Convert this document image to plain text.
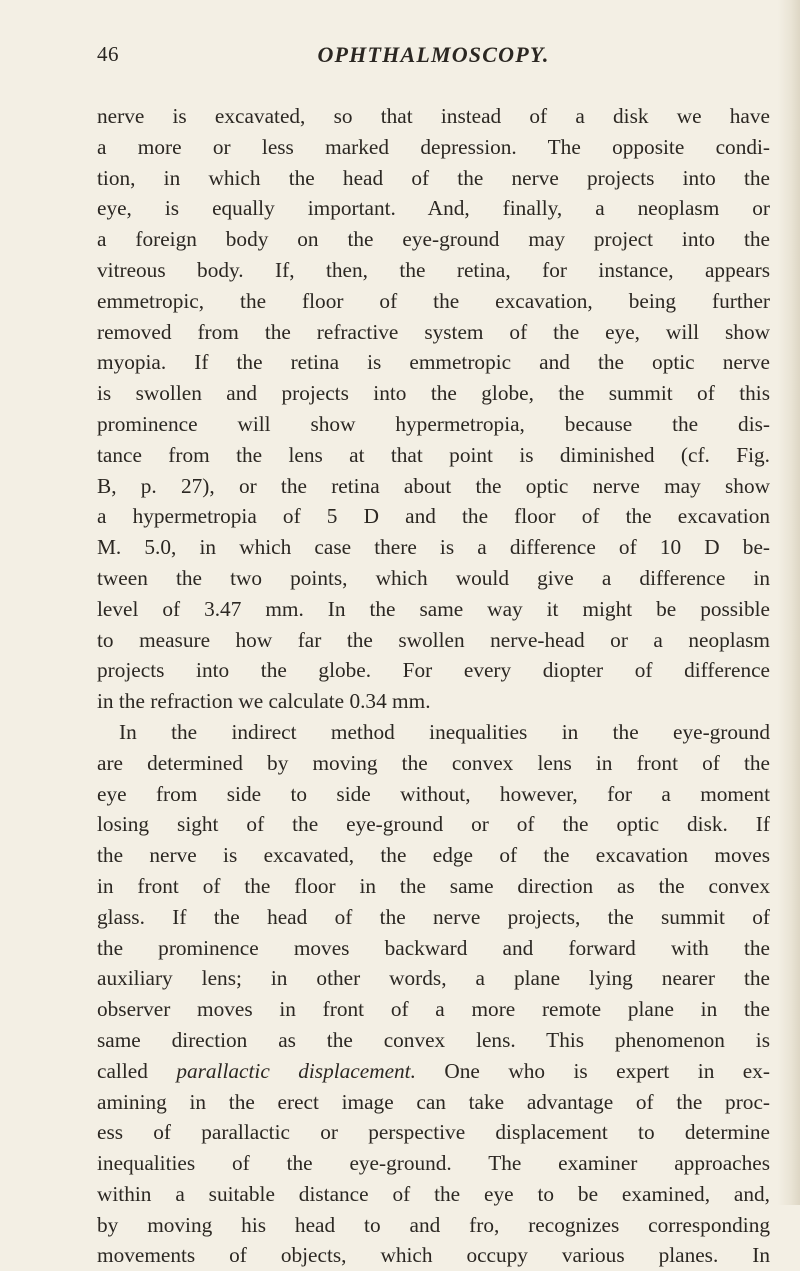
46	OPHTHALMOSCOPY.
nerve is excavated, so that instead of a disk we have
a more or less marked depression. The opposite condi-
tion, in which the head of the nerve projects into the
eye, is equally important. And, finally, a neoplasm or
a foreign body on the eye-ground may project into the
vitreous body. If, then, the retina, for instance, appears
emmetropic, the floor of the excavation, being further
removed from the refractive system of the eye, will show
myopia. If the retina is emmetropic and the optic nerve
is swollen and projects into the globe, the summit of this
prominence will show hypermetropia, because the dis-
tance from the lens at that point is diminished (cf. Fig.
B, p. 27), or the retina about the optic nerve may show
a hypermetropia of 5 D and the floor of the excavation
M. 5.0, in which case there is a difference of 10 D be-
tween the two points, which would give a difference in
level of 3.47 mm. In the same way it might be possible
to measure how far the swollen nerve-head or a neoplasm
projects into the globe. For every diopter of difference
in the refraction we calculate 0.34 mm.
In the indirect method inequalities in the eye-ground
are determined by moving the convex lens in front of the
eye from side to side without, however, for a moment
losing sight of the eye-ground or of the optic disk. If
the nerve is excavated, the edge of the excavation moves
in front of the floor in the same direction as the convex
glass. If the head of the nerve projects, the summit of
the prominence moves backward and forward with the
auxiliary lens; in other words, a plane lying nearer the
observer moves in front of a more remote plane in the
same direction as the convex lens. This phenomenon is
called parallactic displacement. One who is expert in ex-
amining in the erect image can take advantage of the proc-
ess of parallactic or perspective displacement to determine
inequalities of the eye-ground. The examiner approaches
within a suitable distance of the eye to be examined, and,
by moving his head to and fro, recognizes corresponding
movements of objects, which occupy various planes. In
